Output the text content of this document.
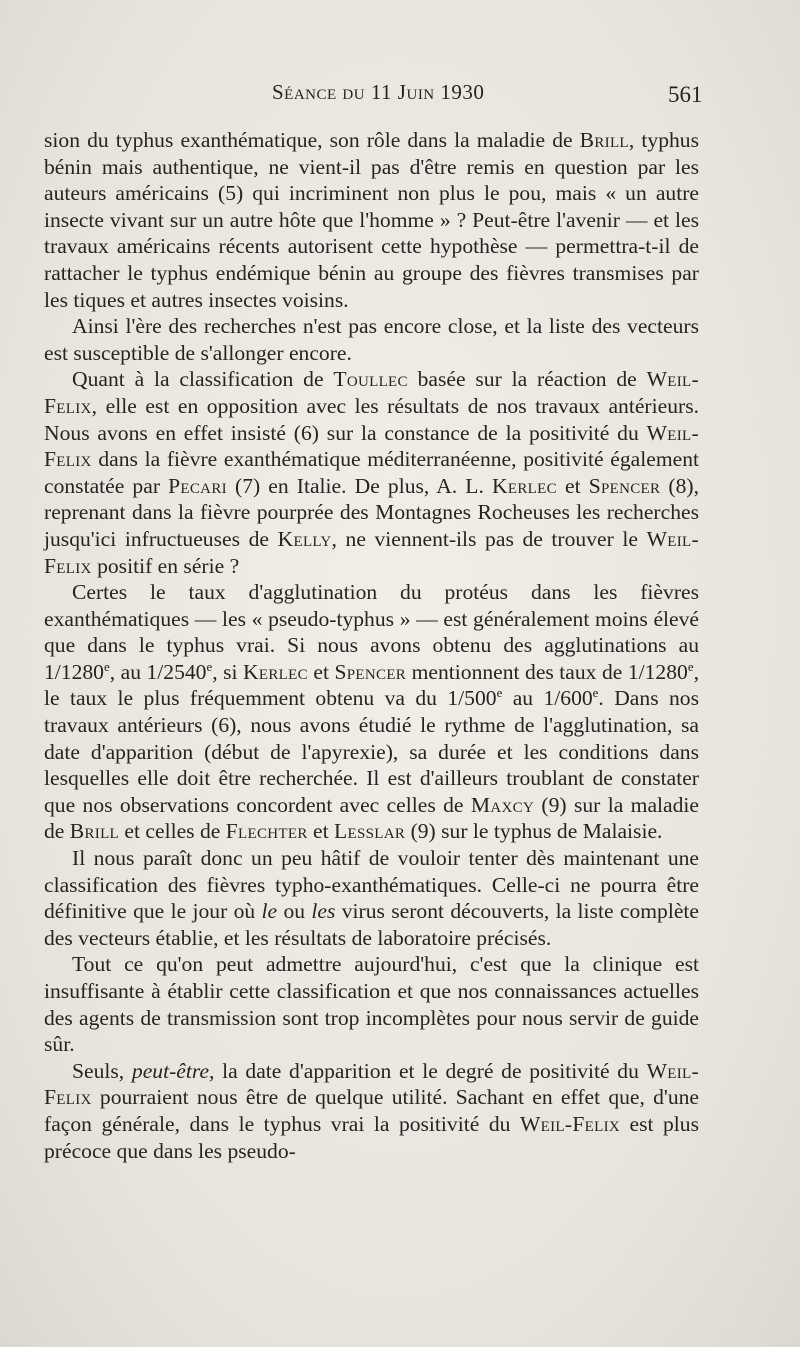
Séance du 11 Juin 1930	561

sion du typhus exanthématique, son rôle dans la maladie de Brill, typhus bénin mais authentique, ne vient-il pas d'être remis en question par les auteurs américains (5) qui incriminent non plus le pou, mais « un autre insecte vivant sur un autre hôte que l'homme » ? Peut-être l'avenir — et les travaux américains récents autorisent cette hypothèse — permettra-t-il de rattacher le typhus endémique bénin au groupe des fièvres transmises par les tiques et autres insectes voisins.

Ainsi l'ère des recherches n'est pas encore close, et la liste des vecteurs est susceptible de s'allonger encore.

Quant à la classification de Toullec basée sur la réaction de Weil-Felix, elle est en opposition avec les résultats de nos travaux antérieurs. Nous avons en effet insisté (6) sur la constance de la positivité du Weil-Felix dans la fièvre exanthématique méditerranéenne, positivité également constatée par Pecari (7) en Italie. De plus, A. L. Kerlec et Spencer (8), reprenant dans la fièvre pourprée des Montagnes Rocheuses les recherches jusqu'ici infructueuses de Kelly, ne viennent-ils pas de trouver le Weil-Felix positif en série ?

Certes le taux d'agglutination du protéus dans les fièvres exanthématiques — les « pseudo-typhus » — est généralement moins élevé que dans le typhus vrai. Si nous avons obtenu des agglutinations au 1/1280e, au 1/2540e, si Kerlec et Spencer mentionnent des taux de 1/1280e, le taux le plus fréquemment obtenu va du 1/500e au 1/600e. Dans nos travaux antérieurs (6), nous avons étudié le rythme de l'agglutination, sa date d'apparition (début de l'apyrexie), sa durée et les conditions dans lesquelles elle doit être recherchée. Il est d'ailleurs troublant de constater que nos observations concordent avec celles de Maxcy (9) sur la maladie de Brill et celles de Flechter et Lesslar (9) sur le typhus de Malaisie.

Il nous paraît donc un peu hâtif de vouloir tenter dès maintenant une classification des fièvres typho-exanthématiques. Celle-ci ne pourra être définitive que le jour où le ou les virus seront découverts, la liste complète des vecteurs établie, et les résultats de laboratoire précisés.

Tout ce qu'on peut admettre aujourd'hui, c'est que la clinique est insuffisante à établir cette classification et que nos connaissances actuelles des agents de transmission sont trop incomplètes pour nous servir de guide sûr.

Seuls, peut-être, la date d'apparition et le degré de positivité du Weil-Felix pourraient nous être de quelque utilité. Sachant en effet que, d'une façon générale, dans le typhus vrai la positivité du Weil-Felix est plus précoce que dans les pseudo-
